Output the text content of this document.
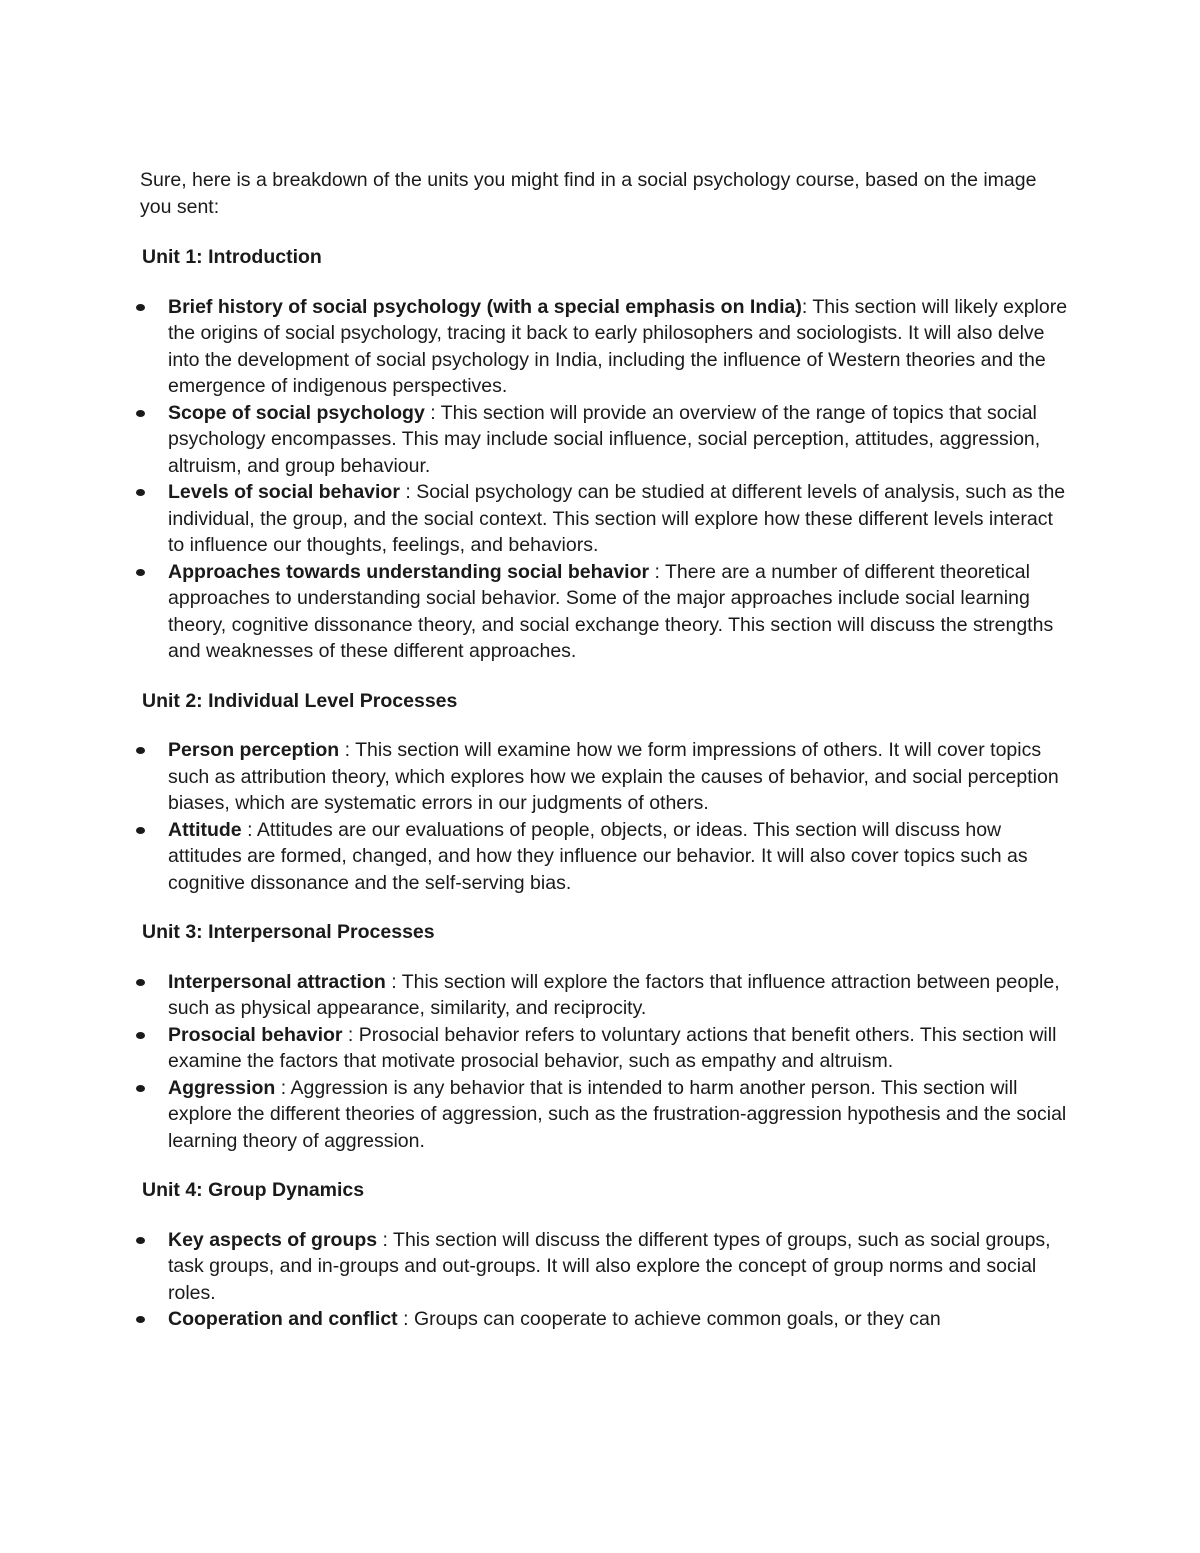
Sure, here is a breakdown of the units you might find in a social psychology course, based on the image you sent:

Unit 1: Introduction
Brief history of social psychology (with a special emphasis on India): This section will likely explore the origins of social psychology, tracing it back to early philosophers and sociologists. It will also delve into the development of social psychology in India, including the influence of Western theories and the emergence of indigenous perspectives.
Scope of social psychology : This section will provide an overview of the range of topics that social psychology encompasses. This may include social influence, social perception, attitudes, aggression, altruism, and group behaviour.
Levels of social behavior : Social psychology can be studied at different levels of analysis, such as the individual, the group, and the social context. This section will explore how these different levels interact to influence our thoughts, feelings, and behaviors.
Approaches towards understanding social behavior : There are a number of different theoretical approaches to understanding social behavior. Some of the major approaches include social learning theory, cognitive dissonance theory, and social exchange theory. This section will discuss the strengths and weaknesses of these different approaches.
Unit 2: Individual Level Processes
Person perception : This section will examine how we form impressions of others. It will cover topics such as attribution theory, which explores how we explain the causes of behavior, and social perception biases, which are systematic errors in our judgments of others.
Attitude : Attitudes are our evaluations of people, objects, or ideas. This section will discuss how attitudes are formed, changed, and how they influence our behavior. It will also cover topics such as cognitive dissonance and the self-serving bias.
Unit 3: Interpersonal Processes
Interpersonal attraction : This section will explore the factors that influence attraction between people, such as physical appearance, similarity, and reciprocity.
Prosocial behavior : Prosocial behavior refers to voluntary actions that benefit others. This section will examine the factors that motivate prosocial behavior, such as empathy and altruism.
Aggression : Aggression is any behavior that is intended to harm another person. This section will explore the different theories of aggression, such as the frustration-aggression hypothesis and the social learning theory of aggression.
Unit 4: Group Dynamics
Key aspects of groups : This section will discuss the different types of groups, such as social groups, task groups, and in-groups and out-groups. It will also explore the concept of group norms and social roles.
Cooperation and conflict : Groups can cooperate to achieve common goals, or they can
